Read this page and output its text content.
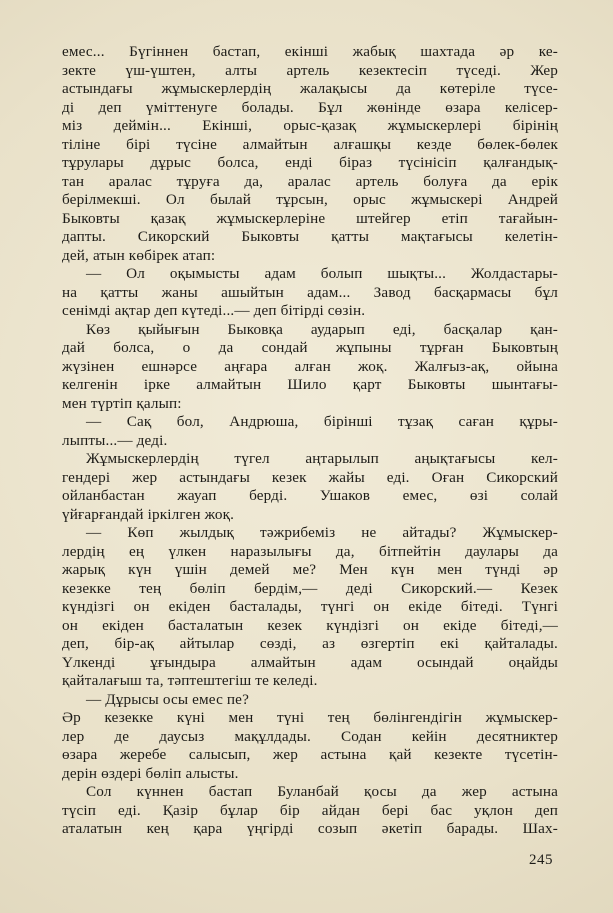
емес... Бүгіннен бастап, екінші жабық шахтада әр ке-
зекте үш-үштен, алты артель кезектесіп түседі. Жер
астындағы жұмыскерлердің жалақысы да көтеріле түсе-
ді деп үміттенуге болады. Бұл жөнінде өзара келісер-
міз деймін... Екінші, орыс-қазақ жұмыскерлері бірінің
тіліне бірі түсіне алмайтын алғашқы кезде бөлек-бөлек
тұрулары дұрыс болса, енді біраз түсінісіп қалғандық-
тан аралас тұруға да, аралас артель болуға да ерік
берілмекші. Ол былай тұрсын, орыс жұмыскері Андрей
Быковты қазақ жұмыскерлеріне штейгер етіп тағайын-
дапты. Сикорский Быковты қатты мақтағысы келетін-
дей, атын көбірек атап:
— Ол оқымысты адам болып шықты... Жолдастары-
на қатты жаны ашыйтын адам... Завод басқармасы бұл
сенімді ақтар деп күтеді...— деп бітірді сөзін.
Көз қыйығын Быковқа аударып еді, басқалар қан-
дай болса, о да сондай жұпыны тұрған Быковтың
жүзінен ешнәрсе аңғара алған жоқ. Жалғыз-ақ, ойына
келгенін ірке алмайтын Шило қарт Быковты шынтағы-
мен түртіп қалып:
— Сақ бол, Андрюша, бірінші тұзақ саған құры-
лыпты...— деді.
Жұмыскерлердің түгел аңтарылып аңықтағысы кел-
гендері жер астындағы кезек жайы еді. Оған Сикорский
ойланбастан жауап берді. Ушаков емес, өзі солай
үйғарғандай іркілген жоқ.
— Көп жылдық тәжрибеміз не айтады? Жұмыскер-
лердің ең үлкен наразылығы да, бітпейтін даулары да
жарық күн үшін демей ме? Мен күн мен түнді әр
кезекке тең бөліп бердім,— деді Сикорский.— Кезек
күндізгі он екіден басталады, түнгі он екіде бітеді. Түнгі
он екіден басталатын кезек күндізгі он екіде бітеді,—
деп, бір-ақ айтылар сөзді, аз өзгертіп екі қайталады.
Үлкенді ұғындыра алмайтын адам осындай оңайды
қайталағыш та, тәптештегіш те келеді.
— Дұрысы осы емес пе?
Әр кезекке күні мен түні тең бөлінгендігін жұмыскер-
лер де даусыз мақұлдады. Содан кейін десятниктер
өзара жеребе салысып, жер астына қай кезекте түсетін-
дерін өздері бөліп алысты.
Сол күннен бастап Буланбай қосы да жер астына
түсіп еді. Қазір бұлар бір айдан бері бас уқлон деп
аталатын кең қара үңгірді созып әкетіп барады. Шах-
245
